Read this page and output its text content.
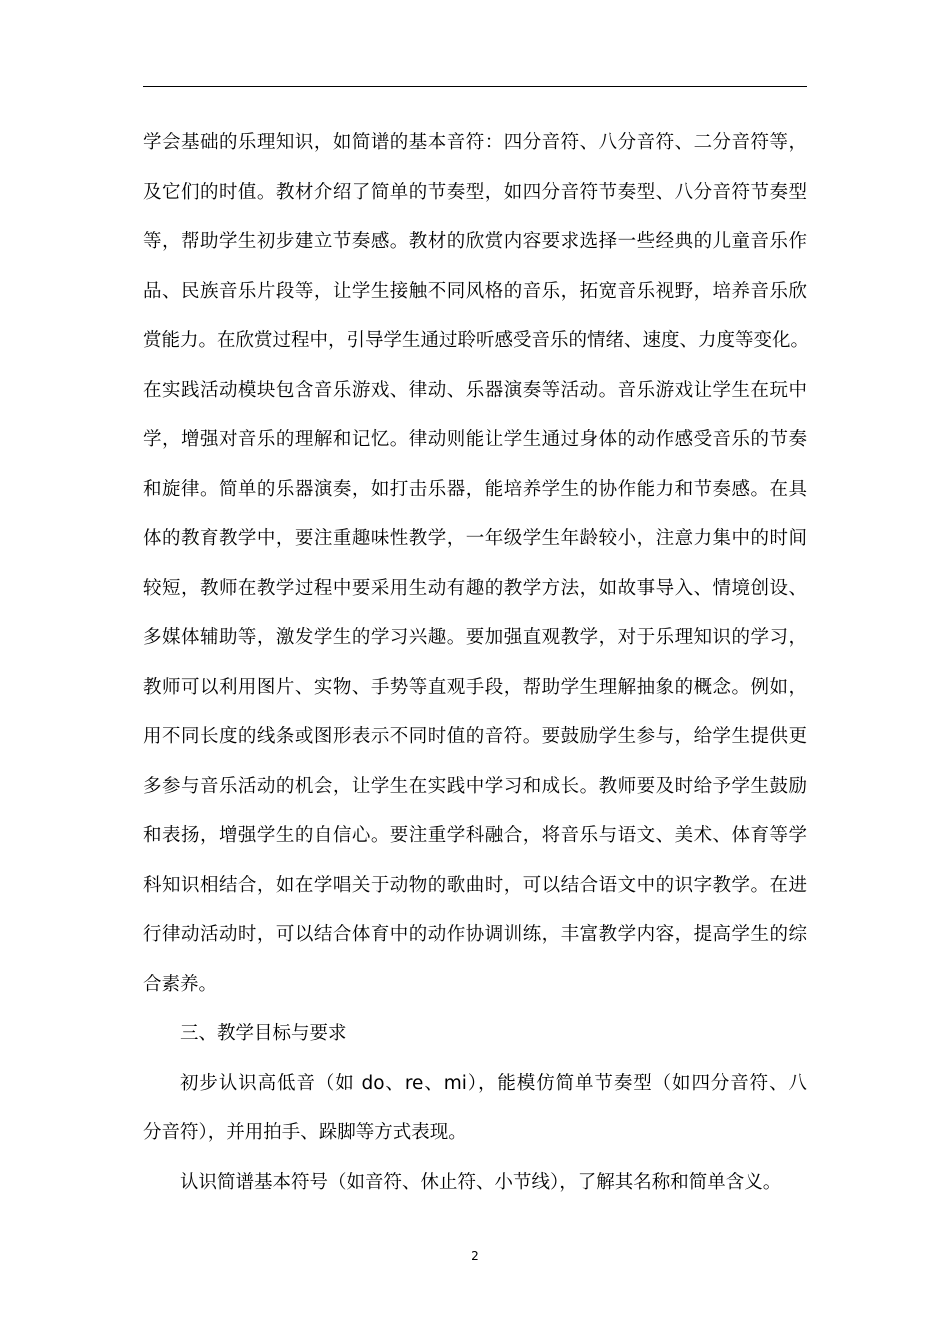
学会基础的乐理知识，如简谱的基本音符：四分音符、八分音符、二分音符等，
及它们的时值。教材介绍了简单的节奏型，如四分音符节奏型、八分音符节奏型
等，帮助学生初步建立节奏感。教材的欣赏内容要求选择一些经典的儿童音乐作
品、民族音乐片段等，让学生接触不同风格的音乐，拓宽音乐视野，培养音乐欣
赏能力。在欣赏过程中，引导学生通过聆听感受音乐的情绪、速度、力度等变化。
在实践活动模块包含音乐游戏、律动、乐器演奏等活动。音乐游戏让学生在玩中
学，增强对音乐的理解和记忆。律动则能让学生通过身体的动作感受音乐的节奏
和旋律。简单的乐器演奏，如打击乐器，能培养学生的协作能力和节奏感。在具
体的教育教学中，要注重趣味性教学，一年级学生年龄较小，注意力集中的时间
较短，教师在教学过程中要采用生动有趣的教学方法，如故事导入、情境创设、
多媒体辅助等，激发学生的学习兴趣。要加强直观教学，对于乐理知识的学习，
教师可以利用图片、实物、手势等直观手段，帮助学生理解抽象的概念。例如，
用不同长度的线条或图形表示不同时值的音符。要鼓励学生参与，给学生提供更
多参与音乐活动的机会，让学生在实践中学习和成长。教师要及时给予学生鼓励
和表扬，增强学生的自信心。要注重学科融合，将音乐与语文、美术、体育等学
科知识相结合，如在学唱关于动物的歌曲时，可以结合语文中的识字教学。在进
行律动活动时，可以结合体育中的动作协调训练，丰富教学内容，提高学生的综
合素养。
三、教学目标与要求
初步认识高低音（如 do、re、mi），能模仿简单节奏型（如四分音符、八
分音符），并用拍手、跺脚等方式表现。
认识简谱基本符号（如音符、休止符、小节线），了解其名称和简单含义。
2
